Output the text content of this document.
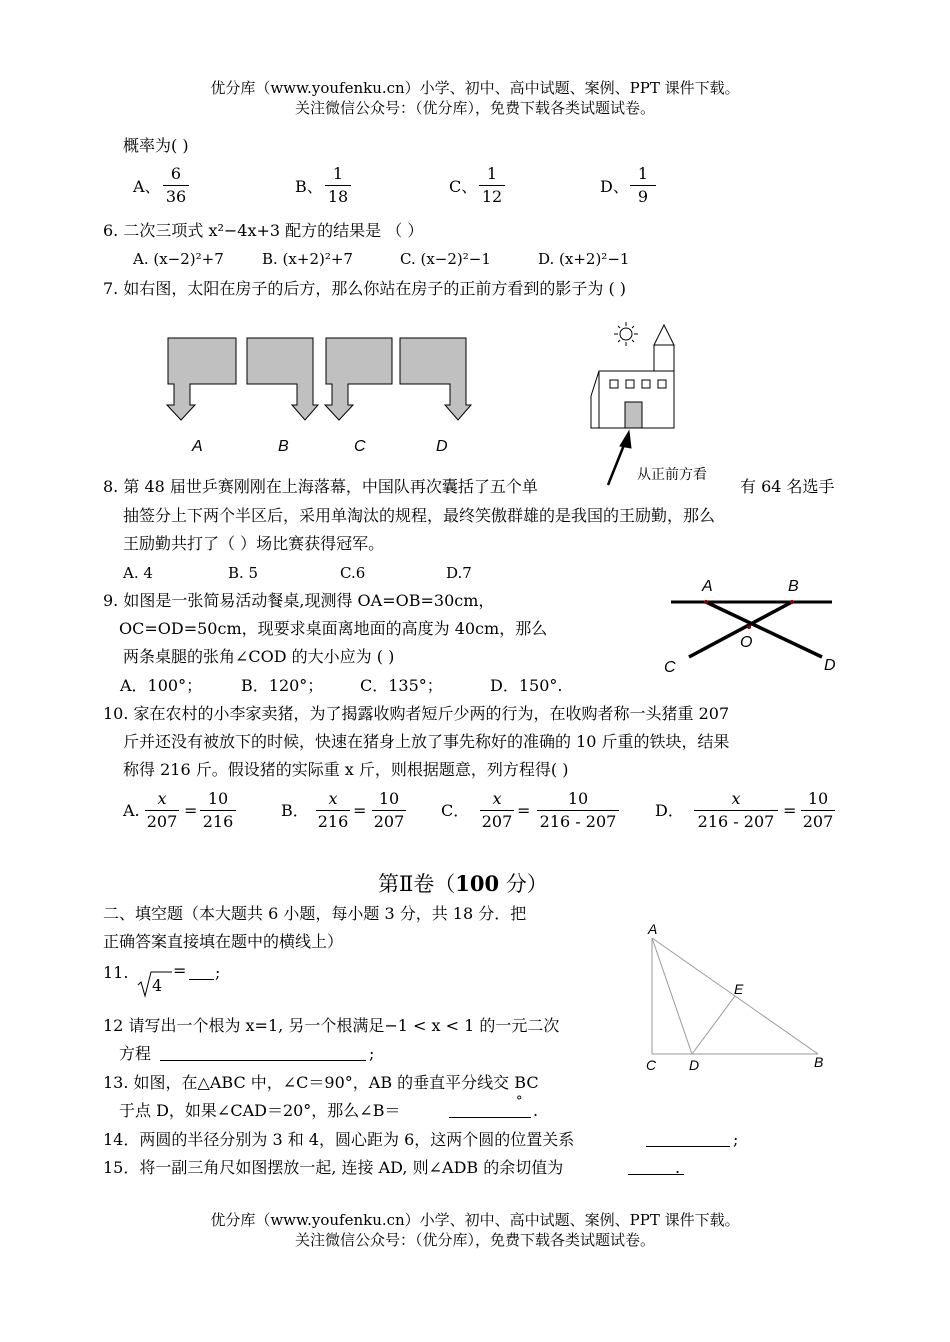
优分库（www.youfenku.cn）小学、初中、高中试题、案例、PPT 课件下载。
关注微信公众号：（优分库），免费下载各类试题试卷。
概率为( )
A、
6
36
B、
1
18
C、
1
12
D、
1
9
6. 二次三项式 x²−4x+3 配方的结果是 （ ）
A. (x−2)²+7	B. (x+2)²+7	C. (x−2)²−1	D. (x+2)²−1
7. 如右图，太阳在房子的后方，那么你站在房子的正前方看到的影子为 ( )
A	B	C	D
从正前方看
8. 第 48 届世乒赛刚刚在上海落幕，中国队再次囊括了五个单	有 64 名选手
抽签分上下两个半区后，采用单淘汰的规程，最终笑傲群雄的是我国的王励勤，那么
王励勤共打了（ ）场比赛获得冠军。
A. 4	B. 5	C.6	D.7
9. 如图是一张简易活动餐桌,现测得 OA=OB=30cm，
OC=OD=50cm，现要求桌面离地面的高度为 40cm，那么
两条桌腿的张角∠COD 的大小应为 ( )
A．100°； B．120°； C．135°；	D．150°.
A	B
O
C	D
10. 家在农村的小李家卖猪，为了揭露收购者短斤少两的行为，在收购者称一头猪重 207
斤并还没有被放下的时候，快速在猪身上放了事先称好的准确的 10 斤重的铁块，结果
称得 216 斤。假设猪的实际重 x 斤，则根据题意，列方程得( )
A.
x
207
=
10
216
B．
x
216
=
10
207
C．
x
207
=
10
216 - 207
D．
x
216 - 207
=
10
207
第Ⅱ卷（100 分）
二、填空题（本大题共 6 小题，每小题 3 分，共 18 分．把
正确答案直接填在题中的横线上）
11.
4
= ;
12 请写出一个根为 x=1, 另一个根满足−1 < x < 1 的一元二次
方程	;
13. 如图，在△ABC 中，∠C＝90°，AB 的垂直平分线交 BC
于点 D，如果∠CAD＝20°，那么∠B＝	° .
A
E
C D	B
14．两圆的半径分别为 3 和 4，圆心距为 6，这两个圆的位置关系	;
15．将一副三角尺如图摆放一起, 连接 AD, 则∠ADB 的余切值为	.
优分库（www.youfenku.cn）小学、初中、高中试题、案例、PPT 课件下载。
关注微信公众号：（优分库），免费下载各类试题试卷。
